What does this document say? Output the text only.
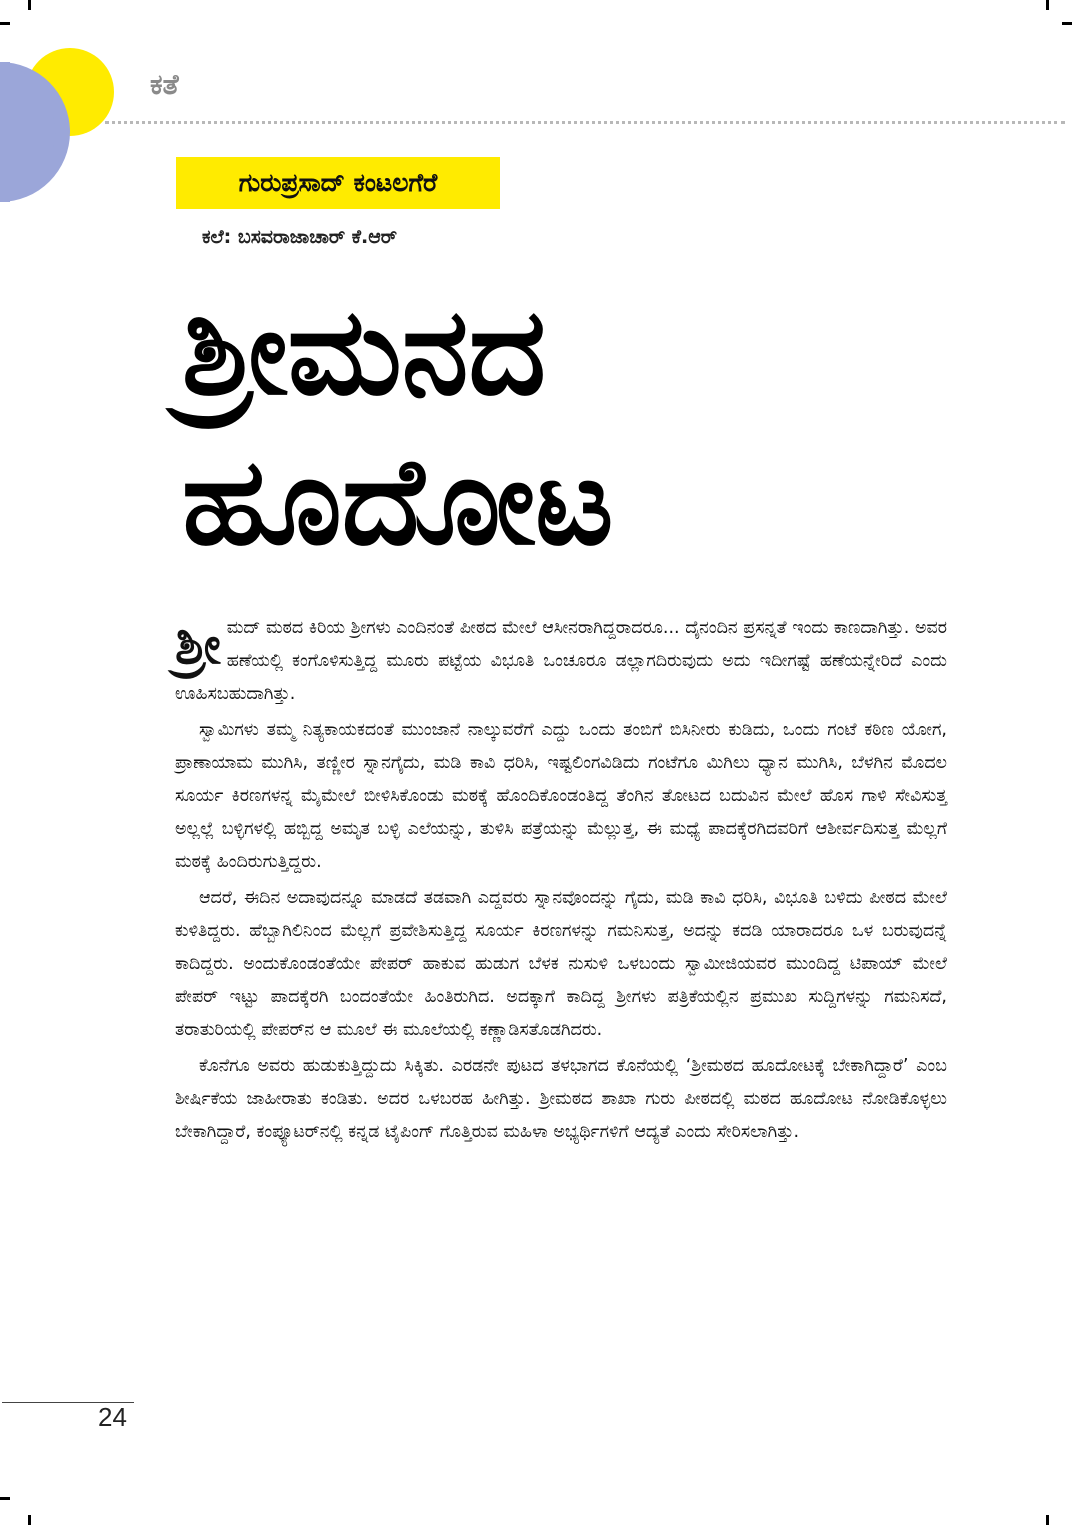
ಕತೆ
ಗುರುಪ್ರಸಾದ್ ಕಂಟಲಗೆರೆ
ಕಲೆ: ಬಸವರಾಜಾಚಾರ್ ಕೆ.ಆರ್
ಶ್ರೀಮನದ
ಹೂದೋಟ

ಶ್ರೀ ಮದ್ ಮಠದ ಕಿರಿಯ ಶ್ರೀಗಳು ಎಂದಿನಂತೆ ಪೀಠದ ಮೇಲೆ ಆಸೀನರಾಗಿದ್ದರಾದರೂ... ದೈನಂದಿನ ಪ್ರಸನ್ನತೆ ಇಂದು ಕಾಣದಾಗಿತ್ತು. ಅವರ ಹಣೆಯಲ್ಲಿ ಕಂಗೊಳಿಸುತ್ತಿದ್ದ ಮೂರು ಪಟ್ಟೆಯ ವಿಭೂತಿ ಒಂಚೂರೂ ಡಲ್ಲಾಗದಿರುವುದು ಅದು ಇದೀಗಷ್ಟೆ ಹಣೆಯನ್ನೇರಿದೆ ಎಂದು ಊಹಿಸಬಹುದಾಗಿತ್ತು.

ಸ್ವಾಮಿಗಳು ತಮ್ಮ ನಿತ್ಯಕಾಯಕದಂತೆ ಮುಂಜಾನೆ ನಾಲ್ಕುವರೆಗೆ ಎದ್ದು ಒಂದು ತಂಬಿಗೆ ಬಿಸಿನೀರು ಕುಡಿದು, ಒಂದು ಗಂಟೆ ಕಠಿಣ ಯೋಗ, ಪ್ರಾಣಾಯಾಮ ಮುಗಿಸಿ, ತಣ್ಣೀರ ಸ್ನಾನಗೈದು, ಮಡಿ ಕಾವಿ ಧರಿಸಿ, ಇಷ್ಟಲಿಂಗವಿಡಿದು ಗಂಟೆಗೂ ಮಿಗಿಲು ಧ್ಯಾನ ಮುಗಿಸಿ, ಬೆಳಗಿನ ಮೊದಲ ಸೂರ್ಯ ಕಿರಣಗಳನ್ನ ಮೈಮೇಲೆ ಬೀಳಿಸಿಕೊಂಡು ಮಠಕ್ಕೆ ಹೊಂದಿಕೊಂಡಂತಿದ್ದ ತೆಂಗಿನ ತೋಟದ ಬದುವಿನ ಮೇಲೆ ಹೊಸ ಗಾಳಿ ಸೇವಿಸುತ್ತ ಅಲ್ಲಲ್ಲೆ ಬಳ್ಳಿಗಳಲ್ಲಿ ಹಬ್ಬಿದ್ದ ಅಮೃತ ಬಳ್ಳಿ ಎಲೆಯನ್ನು, ತುಳಿಸಿ ಪತ್ರೆಯನ್ನು ಮೆಲ್ಲುತ್ತ, ಈ ಮಧ್ಯೆ ಪಾದಕ್ಕೆರಗಿದವರಿಗೆ ಆಶೀರ್ವದಿಸುತ್ತ ಮೆಲ್ಲಗೆ ಮಠಕ್ಕೆ ಹಿಂದಿರುಗುತ್ತಿದ್ದರು.

ಆದರೆ, ಈದಿನ ಅದಾವುದನ್ನೂ ಮಾಡದೆ ತಡವಾಗಿ ಎದ್ದವರು ಸ್ನಾನವೊಂದನ್ನು ಗೈದು, ಮಡಿ ಕಾವಿ ಧರಿಸಿ, ವಿಭೂತಿ ಬಳಿದು ಪೀಠದ ಮೇಲೆ ಕುಳಿತಿದ್ದರು. ಹೆಬ್ಬಾಗಿಲಿನಿಂದ ಮೆಲ್ಲಗೆ ಪ್ರವೇಶಿಸುತ್ತಿದ್ದ ಸೂರ್ಯ ಕಿರಣಗಳನ್ನು ಗಮನಿಸುತ್ತ, ಅದನ್ನು ಕದಡಿ ಯಾರಾದರೂ ಒಳ ಬರುವುದನ್ನೆ ಕಾದಿದ್ದರು. ಅಂದುಕೊಂಡಂತೆಯೇ ಪೇಪರ್ ಹಾಕುವ ಹುಡುಗ ಬೆಳಕ ನುಸುಳಿ ಒಳಬಂದು ಸ್ವಾಮೀಜಿಯವರ ಮುಂದಿದ್ದ ಟಿಪಾಯ್ ಮೇಲೆ ಪೇಪರ್ ಇಟ್ಟು ಪಾದಕ್ಕೆರಗಿ ಬಂದಂತೆಯೇ ಹಿಂತಿರುಗಿದ. ಅದಕ್ಕಾಗೆ ಕಾದಿದ್ದ ಶ್ರೀಗಳು ಪತ್ರಿಕೆಯಲ್ಲಿನ ಪ್ರಮುಖ ಸುದ್ದಿಗಳನ್ನು ಗಮನಿಸದೆ, ತರಾತುರಿಯಲ್ಲಿ ಪೇಪರ್‌ನ ಆ ಮೂಲೆ ಈ ಮೂಲೆಯಲ್ಲಿ ಕಣ್ಣಾಡಿಸತೊಡಗಿದರು.

ಕೊನೆಗೂ ಅವರು ಹುಡುಕುತ್ತಿದ್ದುದು ಸಿಕ್ಕಿತು. ಎರಡನೇ ಪುಟದ ತಳಭಾಗದ ಕೊನೆಯಲ್ಲಿ ‘ಶ್ರೀಮಠದ ಹೂದೋಟಕ್ಕೆ ಬೇಕಾಗಿದ್ದಾರೆ’ ಎಂಬ ಶೀರ್ಷಿಕೆಯ ಜಾಹೀರಾತು ಕಂಡಿತು. ಅದರ ಒಳಬರಹ ಹೀಗಿತ್ತು. ಶ್ರೀಮಠದ ಶಾಖಾ ಗುರು ಪೀಠದಲ್ಲಿ ಮಠದ ಹೂದೋಟ ನೋಡಿಕೊಳ್ಳಲು ಬೇಕಾಗಿದ್ದಾರೆ, ಕಂಪ್ಯೂಟರ್‌ನಲ್ಲಿ ಕನ್ನಡ ಟೈಪಿಂಗ್ ಗೊತ್ತಿರುವ ಮಹಿಳಾ ಅಭ್ಯರ್ಥಿಗಳಿಗೆ ಆದ್ಯತೆ ಎಂದು ಸೇರಿಸಲಾಗಿತ್ತು.

24
